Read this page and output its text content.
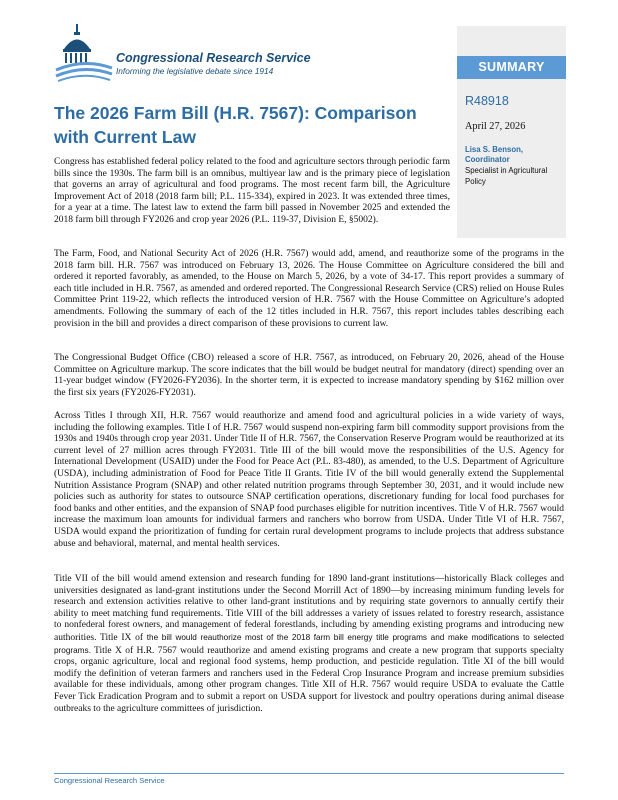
Congressional Research Service
Informing the legislative debate since 1914	SUMMARY
R48918
April 27, 2026
Lisa S. Benson,
Coordinator
Specialist in Agricultural Policy
The 2026 Farm Bill (H.R. 7567): Comparison with Current Law

Congress has established federal policy related to the food and agriculture sectors through periodic farm bills since the 1930s. The farm bill is an omnibus, multiyear law and is the primary piece of legislation that governs an array of agricultural and food programs. The most recent farm bill, the Agriculture Improvement Act of 2018 (2018 farm bill; P.L. 115-334), expired in 2023. It was extended three times, for a year at a time. The latest law to extend the farm bill passed in November 2025 and extended the 2018 farm bill through FY2026 and crop year 2026 (P.L. 119-37, Division E, §5002).

The Farm, Food, and National Security Act of 2026 (H.R. 7567) would add, amend, and reauthorize some of the programs in the 2018 farm bill. H.R. 7567 was introduced on February 13, 2026. The House Committee on Agriculture considered the bill and ordered it reported favorably, as amended, to the House on March 5, 2026, by a vote of 34-17. This report provides a summary of each title included in H.R. 7567, as amended and ordered reported. The Congressional Research Service (CRS) relied on House Rules Committee Print 119-22, which reflects the introduced version of H.R. 7567 with the House Committee on Agriculture’s adopted amendments. Following the summary of each of the 12 titles included in H.R. 7567, this report includes tables describing each provision in the bill and provides a direct comparison of these provisions to current law.

The Congressional Budget Office (CBO) released a score of H.R. 7567, as introduced, on February 20, 2026, ahead of the House Committee on Agriculture markup. The score indicates that the bill would be budget neutral for mandatory (direct) spending over an 11-year budget window (FY2026-FY2036). In the shorter term, it is expected to increase mandatory spending by $162 million over the first six years (FY2026-FY2031).

Across Titles I through XII, H.R. 7567 would reauthorize and amend food and agricultural policies in a wide variety of ways, including the following examples. Title I of H.R. 7567 would suspend non-expiring farm bill commodity support provisions from the 1930s and 1940s through crop year 2031. Under Title II of H.R. 7567, the Conservation Reserve Program would be reauthorized at its current level of 27 million acres through FY2031. Title III of the bill would move the responsibilities of the U.S. Agency for International Development (USAID) under the Food for Peace Act (P.L. 83-480), as amended, to the U.S. Department of Agriculture (USDA), including administration of Food for Peace Title II Grants. Title IV of the bill would generally extend the Supplemental Nutrition Assistance Program (SNAP) and other related nutrition programs through September 30, 2031, and it would include new policies such as authority for states to outsource SNAP certification operations, discretionary funding for local food purchases for food banks and other entities, and the expansion of SNAP food purchases eligible for nutrition incentives. Title V of H.R. 7567 would increase the maximum loan amounts for individual farmers and ranchers who borrow from USDA. Under Title VI of H.R. 7567, USDA would expand the prioritization of funding for certain rural development programs to include projects that address substance abuse and behavioral, maternal, and mental health services.

Title VII of the bill would amend extension and research funding for 1890 land-grant institutions—historically Black colleges and universities designated as land-grant institutions under the Second Morrill Act of 1890—by increasing minimum funding levels for research and extension activities relative to other land-grant institutions and by requiring state governors to annually certify their ability to meet matching fund requirements. Title VIII of the bill addresses a variety of issues related to forestry research, assistance to nonfederal forest owners, and management of federal forestlands, including by amending existing programs and introducing new authorities. Title IX of the bill would reauthorize most of the 2018 farm bill energy title programs and make modifications to selected programs. Title X of H.R. 7567 would reauthorize and amend existing programs and create a new program that supports specialty crops, organic agriculture, local and regional food systems, hemp production, and pesticide regulation. Title XI of the bill would modify the definition of veteran farmers and ranchers used in the Federal Crop Insurance Program and increase premium subsidies available for these individuals, among other program changes. Title XII of H.R. 7567 would require USDA to evaluate the Cattle Fever Tick Eradication Program and to submit a report on USDA support for livestock and poultry operations during animal disease outbreaks to the agriculture committees of jurisdiction.

Congressional Research Service
